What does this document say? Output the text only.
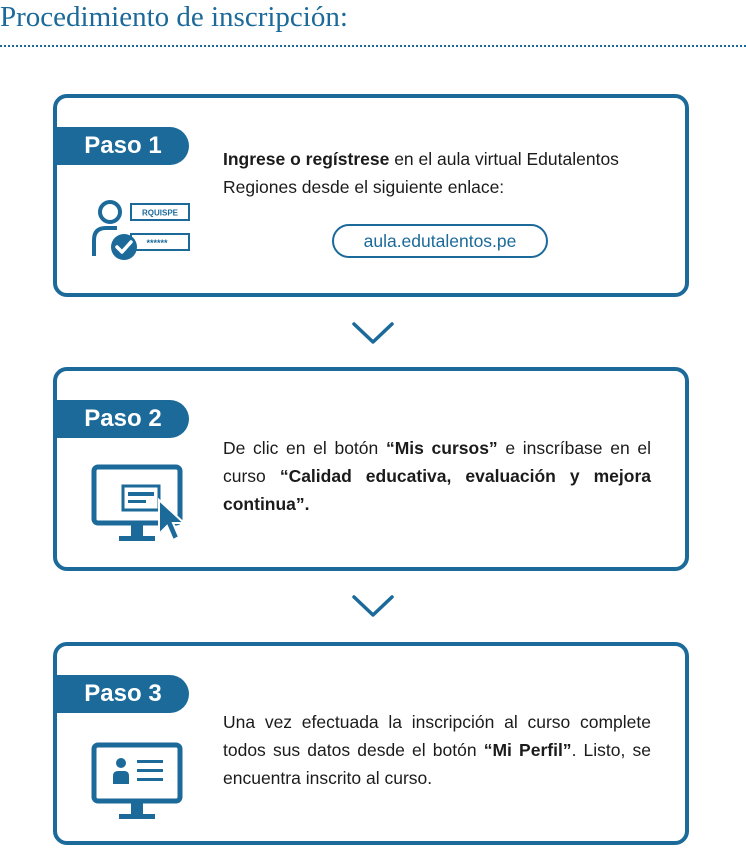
Procedimiento de inscripción:
Paso 1
RQUISPE
******
Ingrese o regístrese en el aula virtual Edutalentos Regiones desde el siguiente enlace:
aula.edutalentos.pe
Paso 2
De clic en el botón “Mis cursos” e inscríbase en el curso “Calidad educativa, evaluación y mejora continua”.
Paso 3
Una vez efectuada la inscripción al curso complete todos sus datos desde el botón “Mi Perfil”. Listo, se encuentra inscrito al curso.
